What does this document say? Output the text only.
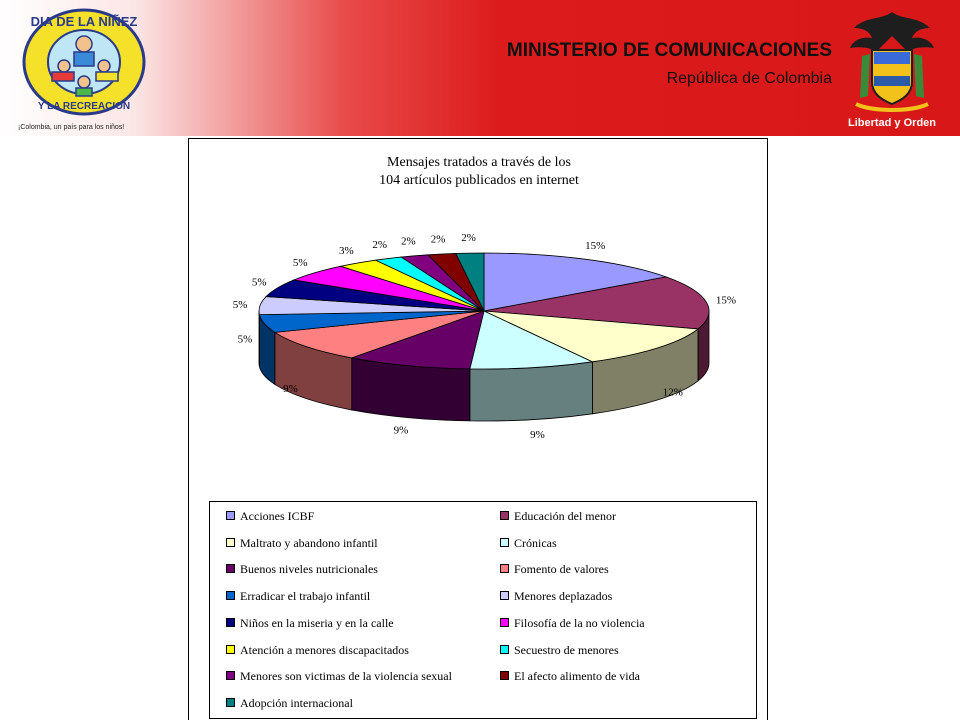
DIA DE LA NIÑEZ
Y LA RECREACION
¡Colombia, un país para los niños!
MINISTERIO DE COMUNICACIONES
República de Colombia
Libertad y Orden
Mensajes tratados a través de los
104 artículos publicados en internet
15%
15%
12%
9%
9%
9%
5%
5%
5%
5%
3% 2% 2% 2% 2%
Acciones ICBF	Educación del menor
Maltrato y abandono infantil	Crónicas
Buenos niveles nutricionales	Fomento de valores
Erradicar el trabajo infantil	Menores deplazados
Niños en la miseria y en la calle	Filosofía de la no violencia
Atención a menores discapacitados	Secuestro de menores
Menores son victimas de la violencia sexual	El afecto alimento de vida
Adopción internacional
